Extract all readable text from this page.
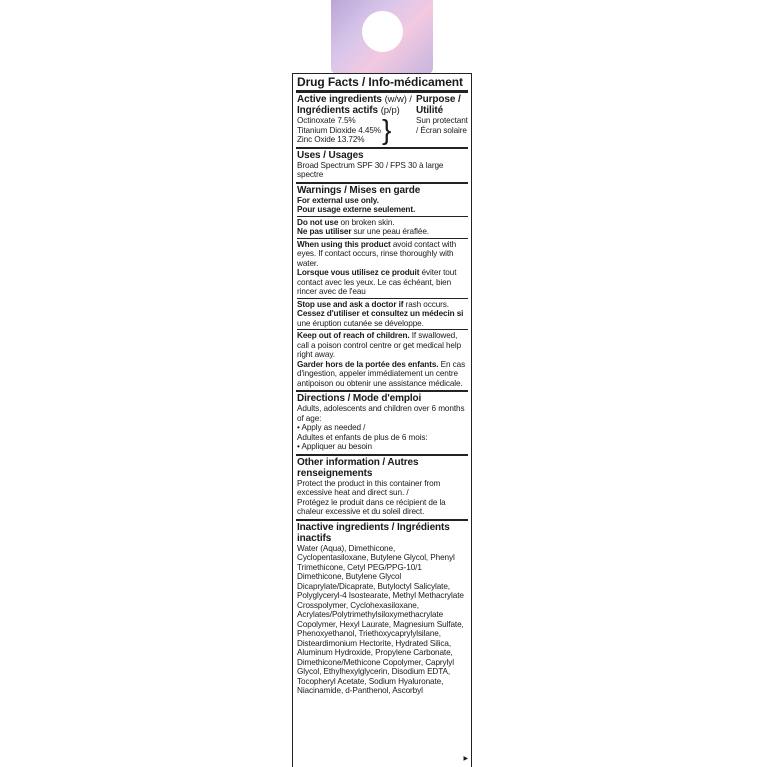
Drug Facts / Info-médicament
Active ingredients (w/w) /
Ingrédients actifs (p/p)
Octinoxate 7.5%
Titanium Dioxide 4.45%
Zinc Oxide 13.72% }
Purpose / Utilité
Sun protectant / Écran solaire
Uses / Usages
Broad Spectrum SPF 30 / FPS 30 à large spectre
Warnings / Mises en garde
For external use only.
Pour usage externe seulement.

Do not use on broken skin.

Ne pas utiliser sur une peau éraflée.

When using this product avoid contact with eyes. If contact occurs, rinse thoroughly with water.

Lorsque vous utilisez ce produit éviter tout contact avec les yeux. Le cas échéant, bien rincer avec de l'eau

Stop use and ask a doctor if rash occurs.

Cessez d'utiliser et consultez un médecin si une éruption cutanée se développe.

Keep out of reach of children. If swallowed, call a poison control centre or get medical help right away.

Garder hors de la portée des enfants. En cas d'ingestion, appeler immédiatement un centre antipoison ou obtenir une assistance médicale.

Directions / Mode d'emploi
Adults, adolescents and children over 6 months of age:
• Apply as needed /
Adultes et enfants de plus de 6 mois:
• Appliquer au besoin
Other information / Autres renseignements
Protect the product in this container from excessive heat and direct sun. /
Protégez le produit dans ce récipient de la chaleur excessive et du soleil direct.
Inactive ingredients / Ingrédients inactifs
Water (Aqua), Dimethicone, Cyclopentasiloxane, Butylene Glycol, Phenyl Trimethicone, Cetyl PEG/PPG-10/1 Dimethicone, Butylene Glycol Dicaprylate/Dicaprate, Butyloctyl Salicylate, Polyglyceryl-4 Isostearate, Methyl Methacrylate Crosspolymer, Cyclohexasiloxane, Acrylates/Polytrimethylsiloxymethacrylate Copolymer, Hexyl Laurate, Magnesium Sulfate, Phenoxyethanol, Triethoxycaprylylsilane, Disteardimonium Hectorite, Hydrated Silica, Aluminum Hydroxide, Propylene Carbonate, Dimethicone/Methicone Copolymer, Caprylyl Glycol, Ethylhexylglycerin, Disodium EDTA, Tocopheryl Acetate, Sodium Hyaluronate, Niacinamide, d-Panthenol, Ascorbyl
▶
